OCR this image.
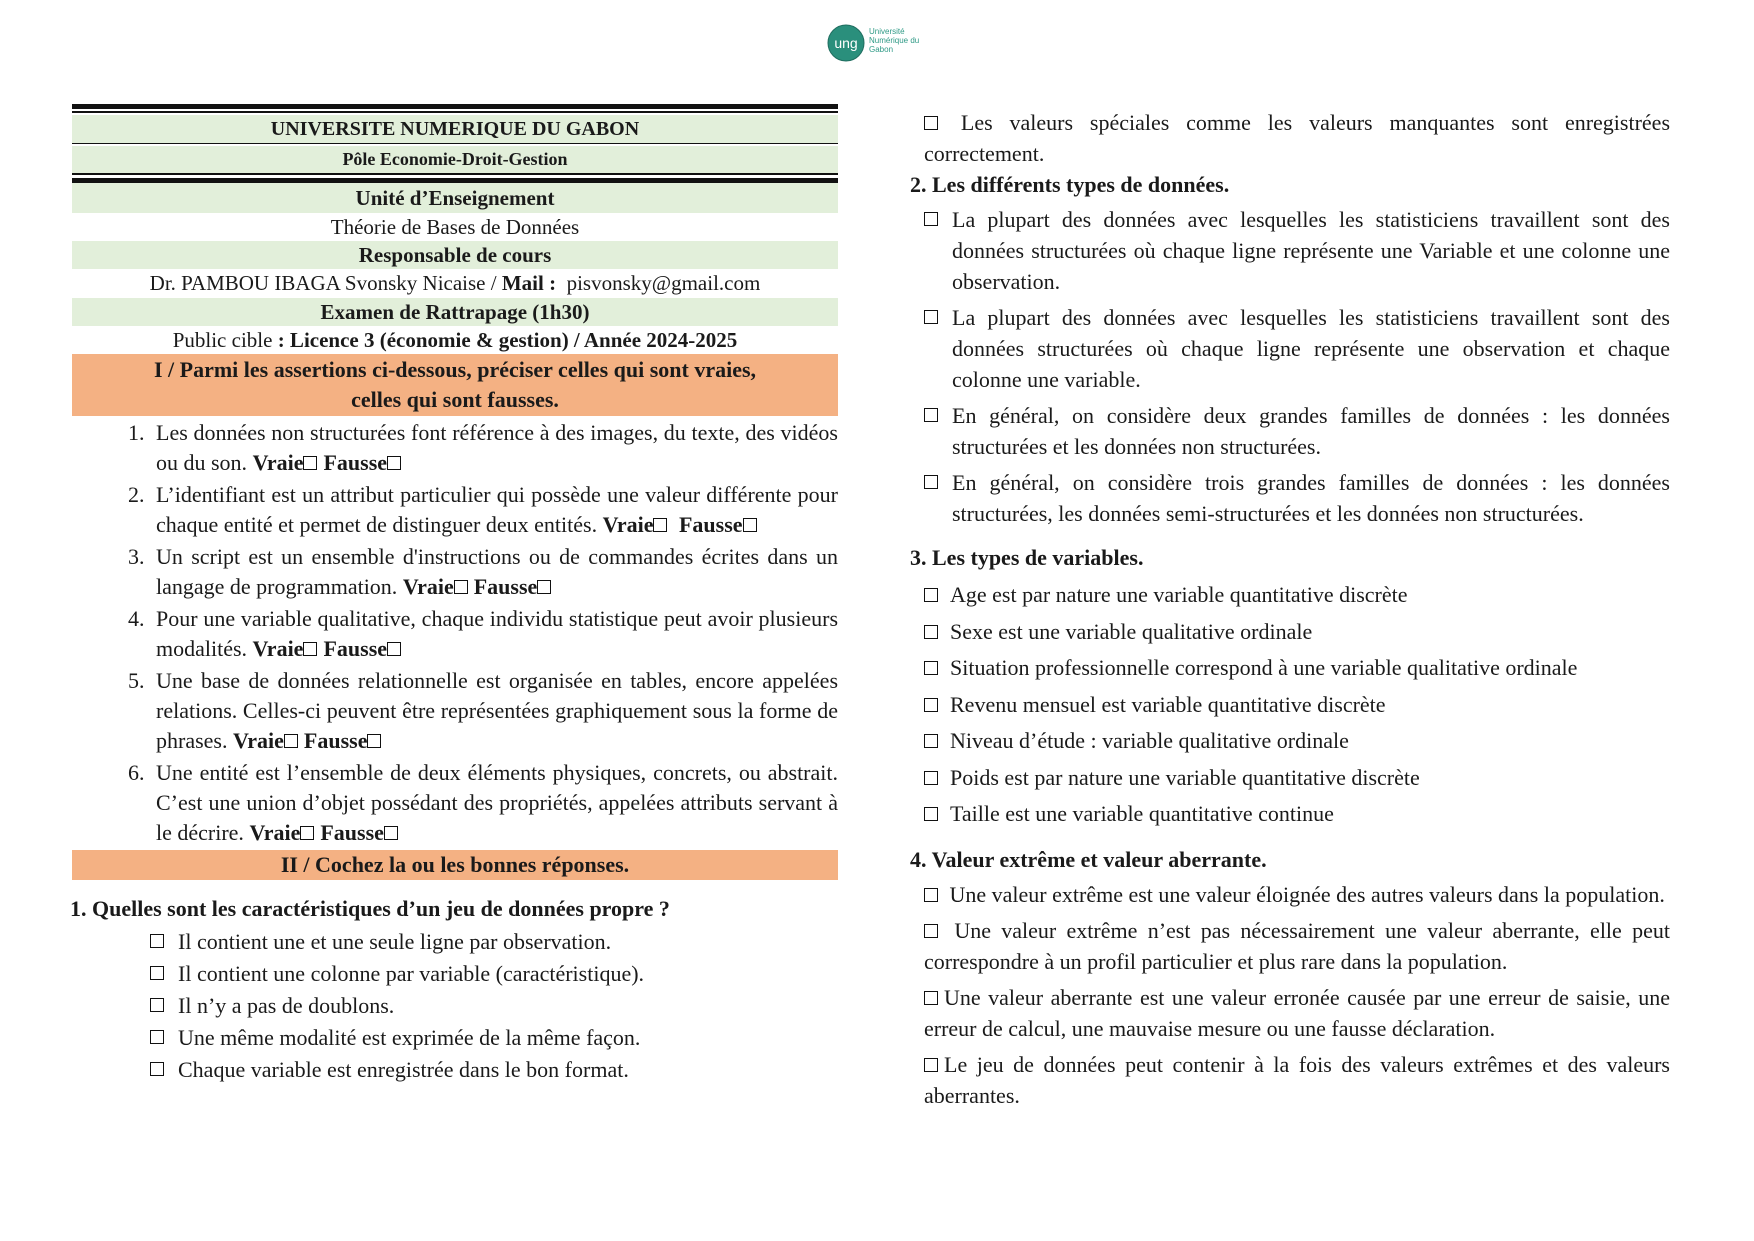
ung
Université
Numérique du
Gabon
UNIVERSITE NUMERIQUE DU GABON
Pôle Economie-Droit-Gestion
Unité d’Enseignement
Théorie de Bases de Données
Responsable de cours
Dr. PAMBOU IBAGA Svonsky Nicaise / Mail : pisvonsky@gmail.com
Examen de Rattrapage (1h30)
Public cible : Licence 3 (économie & gestion) / Année 2024-2025
I / Parmi les assertions ci-dessous, préciser celles qui sont vraies,
celles qui sont fausses.
1. Les données non structurées font référence à des images, du texte, des vidéos ou du son. Vraie Fausse
2. L’identifiant est un attribut particulier qui possède une valeur différente pour chaque entité et permet de distinguer deux entités. Vraie Fausse
3. Un script est un ensemble d'instructions ou de commandes écrites dans un langage de programmation. Vraie Fausse
4. Pour une variable qualitative, chaque individu statistique peut avoir plusieurs modalités. Vraie Fausse
5. Une base de données relationnelle est organisée en tables, encore appelées relations. Celles-ci peuvent être représentées graphiquement sous la forme de phrases. Vraie Fausse
6. Une entité est l’ensemble de deux éléments physiques, concrets, ou abstrait. C’est une union d’objet possédant des propriétés, appelées attributs servant à le décrire. Vraie Fausse
II / Cochez la ou les bonnes réponses.
1. Quelles sont les caractéristiques d’un jeu de données propre ?
Il contient une et une seule ligne par observation.
Il contient une colonne par variable (caractéristique).
Il n’y a pas de doublons.
Une même modalité est exprimée de la même façon.
Chaque variable est enregistrée dans le bon format.
Les valeurs spéciales comme les valeurs manquantes sont enregistrées correctement.
2. Les différents types de données.
La plupart des données avec lesquelles les statisticiens travaillent sont des données structurées où chaque ligne représente une Variable et une colonne une observation.
La plupart des données avec lesquelles les statisticiens travaillent sont des données structurées où chaque ligne représente une observation et chaque colonne une variable.
En général, on considère deux grandes familles de données : les données structurées et les données non structurées.
En général, on considère trois grandes familles de données : les données structurées, les données semi-structurées et les données non structurées.
3. Les types de variables.
Age est par nature une variable quantitative discrète
Sexe est une variable qualitative ordinale
Situation professionnelle correspond à une variable qualitative ordinale
Revenu mensuel est variable quantitative discrète
Niveau d’étude : variable qualitative ordinale
Poids est par nature une variable quantitative discrète
Taille est une variable quantitative continue
4. Valeur extrême et valeur aberrante.
Une valeur extrême est une valeur éloignée des autres valeurs dans la population.
Une valeur extrême n’est pas nécessairement une valeur aberrante, elle peut correspondre à un profil particulier et plus rare dans la population.
Une valeur aberrante est une valeur erronée causée par une erreur de saisie, une erreur de calcul, une mauvaise mesure ou une fausse déclaration.
Le jeu de données peut contenir à la fois des valeurs extrêmes et des valeurs aberrantes.
